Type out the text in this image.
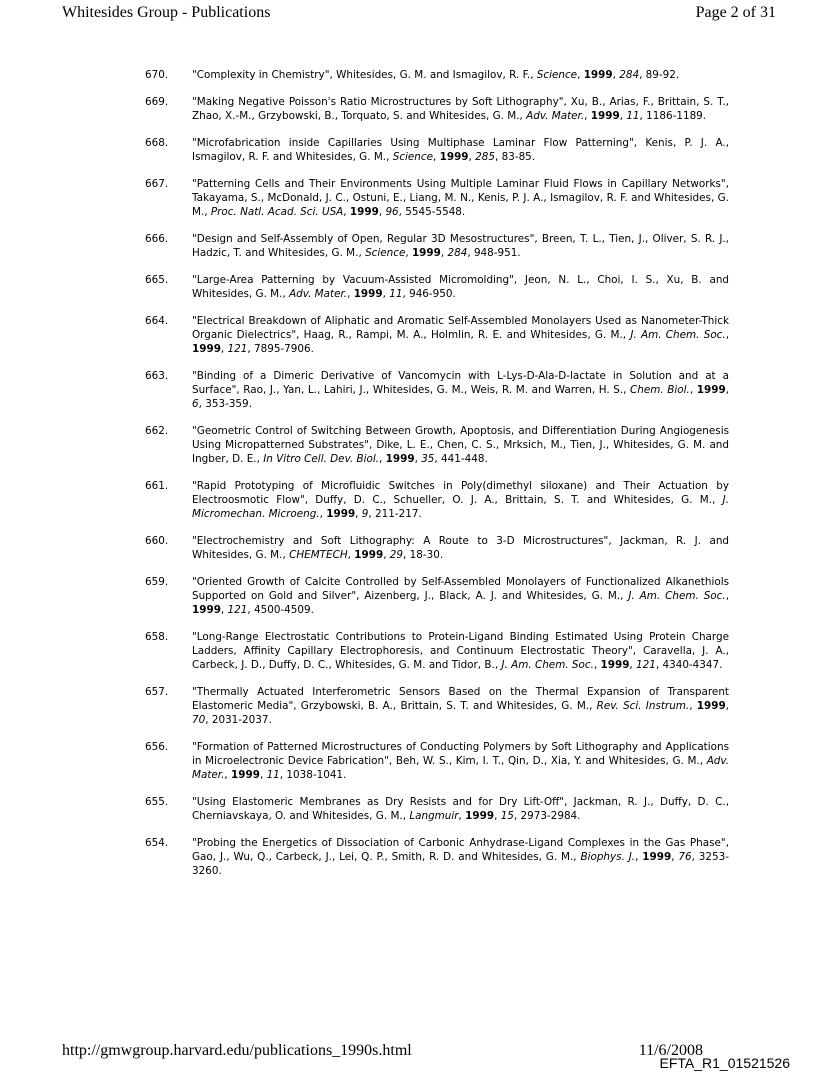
Whitesides Group - Publications	Page 2 of 31
670. "Complexity in Chemistry", Whitesides, G. M. and Ismagilov, R. F., Science, 1999, 284, 89-92.
669. "Making Negative Poisson's Ratio Microstructures by Soft Lithography", Xu, B., Arias, F., Brittain, S. T., Zhao, X.-M., Grzybowski, B., Torquato, S. and Whitesides, G. M., Adv. Mater., 1999, 11, 1186-1189.
668. "Microfabrication inside Capillaries Using Multiphase Laminar Flow Patterning", Kenis, P. J. A., Ismagilov, R. F. and Whitesides, G. M., Science, 1999, 285, 83-85.
667. "Patterning Cells and Their Environments Using Multiple Laminar Fluid Flows in Capillary Networks", Takayama, S., McDonald, J. C., Ostuni, E., Liang, M. N., Kenis, P. J. A., Ismagilov, R. F. and Whitesides, G. M., Proc. Natl. Acad. Sci. USA, 1999, 96, 5545-5548.
666. "Design and Self-Assembly of Open, Regular 3D Mesostructures", Breen, T. L., Tien, J., Oliver, S. R. J., Hadzic, T. and Whitesides, G. M., Science, 1999, 284, 948-951.
665. "Large-Area Patterning by Vacuum-Assisted Micromolding", Jeon, N. L., Choi, I. S., Xu, B. and Whitesides, G. M., Adv. Mater., 1999, 11, 946-950.
664. "Electrical Breakdown of Aliphatic and Aromatic Self-Assembled Monolayers Used as Nanometer-Thick Organic Dielectrics", Haag, R., Rampi, M. A., Holmlin, R. E. and Whitesides, G. M., J. Am. Chem. Soc., 1999, 121, 7895-7906.
663. "Binding of a Dimeric Derivative of Vancomycin with L-Lys-D-Ala-D-lactate in Solution and at a Surface", Rao, J., Yan, L., Lahiri, J., Whitesides, G. M., Weis, R. M. and Warren, H. S., Chem. Biol., 1999, 6, 353-359.
662. "Geometric Control of Switching Between Growth, Apoptosis, and Differentiation During Angiogenesis Using Micropatterned Substrates", Dike, L. E., Chen, C. S., Mrksich, M., Tien, J., Whitesides, G. M. and Ingber, D. E., In Vitro Cell. Dev. Biol., 1999, 35, 441-448.
661. "Rapid Prototyping of Microfluidic Switches in Poly(dimethyl siloxane) and Their Actuation by Electroosmotic Flow", Duffy, D. C., Schueller, O. J. A., Brittain, S. T. and Whitesides, G. M., J. Micromechan. Microeng., 1999, 9, 211-217.
660. "Electrochemistry and Soft Lithography: A Route to 3-D Microstructures", Jackman, R. J. and Whitesides, G. M., CHEMTECH, 1999, 29, 18-30.
659. "Oriented Growth of Calcite Controlled by Self-Assembled Monolayers of Functionalized Alkanethiols Supported on Gold and Silver", Aizenberg, J., Black, A. J. and Whitesides, G. M., J. Am. Chem. Soc., 1999, 121, 4500-4509.
658. "Long-Range Electrostatic Contributions to Protein-Ligand Binding Estimated Using Protein Charge Ladders, Affinity Capillary Electrophoresis, and Continuum Electrostatic Theory", Caravella, J. A., Carbeck, J. D., Duffy, D. C., Whitesides, G. M. and Tidor, B., J. Am. Chem. Soc., 1999, 121, 4340-4347.
657. "Thermally Actuated Interferometric Sensors Based on the Thermal Expansion of Transparent Elastomeric Media", Grzybowski, B. A., Brittain, S. T. and Whitesides, G. M., Rev. Sci. Instrum., 1999, 70, 2031-2037.
656. "Formation of Patterned Microstructures of Conducting Polymers by Soft Lithography and Applications in Microelectronic Device Fabrication", Beh, W. S., Kim, I. T., Qin, D., Xia, Y. and Whitesides, G. M., Adv. Mater., 1999, 11, 1038-1041.
655. "Using Elastomeric Membranes as Dry Resists and for Dry Lift-Off", Jackman, R. J., Duffy, D. C., Cherniavskaya, O. and Whitesides, G. M., Langmuir, 1999, 15, 2973-2984.
654. "Probing the Energetics of Dissociation of Carbonic Anhydrase-Ligand Complexes in the Gas Phase", Gao, J., Wu, Q., Carbeck, J., Lei, Q. P., Smith, R. D. and Whitesides, G. M., Biophys. J., 1999, 76, 3253-3260.
http://gmwgroup.harvard.edu/publications_1990s.html	11/6/2008
EFTA_R1_01521526
